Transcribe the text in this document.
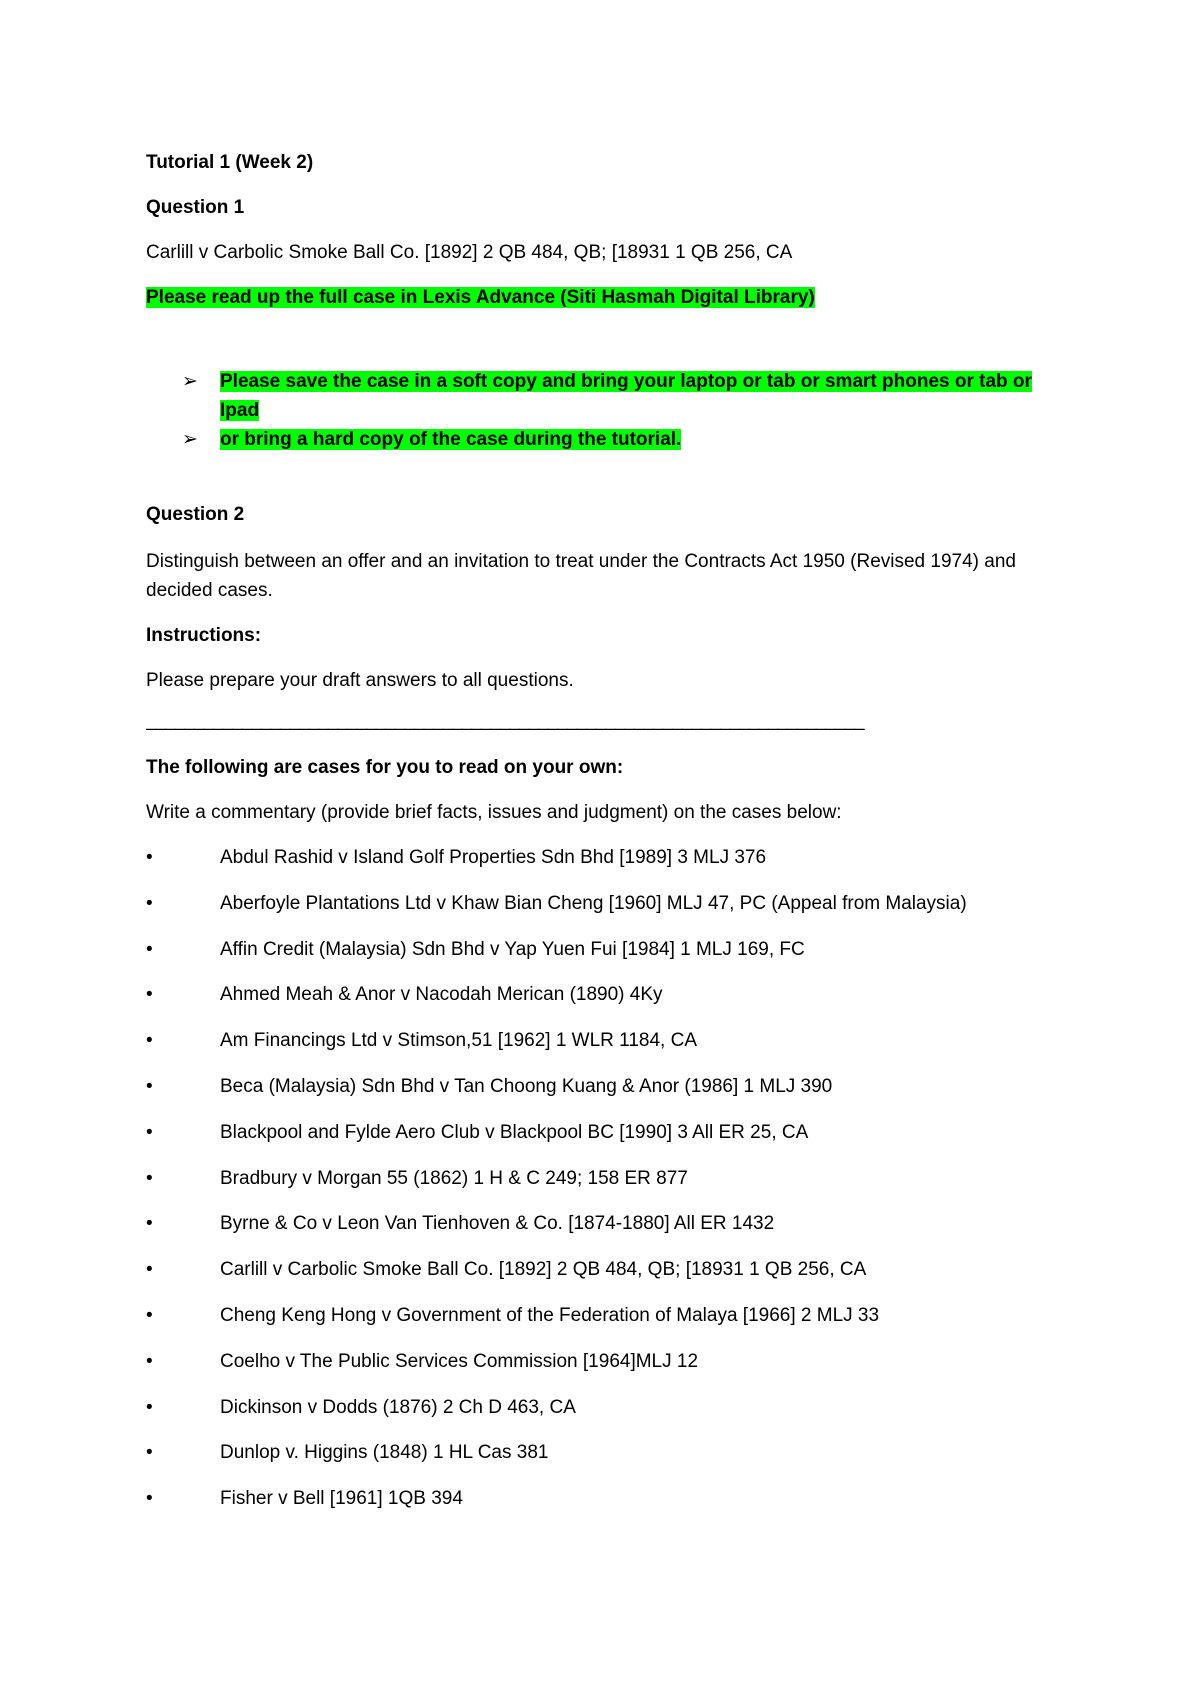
Tutorial 1 (Week 2)

Question 1

Carlill v Carbolic Smoke Ball Co. [1892] 2 QB 484, QB; [18931 1 QB 256, CA

Please read up the full case in Lexis Advance (Siti Hasmah Digital Library)

➢	Please save the case in a soft copy and bring your laptop or tab or smart phones or tab or Ipad
➢	or bring a hard copy of the case during the tutorial.

Question 2

Distinguish between an offer and an invitation to treat under the Contracts Act 1950 (Revised 1974) and decided cases.

Instructions:

Please prepare your draft answers to all questions.

___________________________________________________________________________

The following are cases for you to read on your own:

Write a commentary (provide brief facts, issues and judgment) on the cases below:

•	Abdul Rashid v Island Golf Properties Sdn Bhd [1989] 3 MLJ 376
•	Aberfoyle Plantations Ltd v Khaw Bian Cheng [1960] MLJ 47, PC (Appeal from Malaysia)
•	Affin Credit (Malaysia) Sdn Bhd v Yap Yuen Fui [1984] 1 MLJ 169, FC
•	Ahmed Meah & Anor v Nacodah Merican (1890) 4Ky
•	Am Financings Ltd v Stimson,51 [1962] 1 WLR 1184, CA
•	Beca (Malaysia) Sdn Bhd v Tan Choong Kuang & Anor (1986] 1 MLJ 390
•	Blackpool and Fylde Aero Club v Blackpool BC [1990] 3 All ER 25, CA
•	Bradbury v Morgan 55 (1862) 1 H & C 249; 158 ER 877
•	Byrne & Co v Leon Van Tienhoven & Co. [1874-1880] All ER 1432
•	Carlill v Carbolic Smoke Ball Co. [1892] 2 QB 484, QB; [18931 1 QB 256, CA
•	Cheng Keng Hong v Government of the Federation of Malaya [1966] 2 MLJ 33
•	Coelho v The Public Services Commission [1964]MLJ 12
•	Dickinson v Dodds (1876) 2 Ch D 463, CA
•	Dunlop v. Higgins (1848) 1 HL Cas 381
•	Fisher v Bell [1961] 1QB 394
